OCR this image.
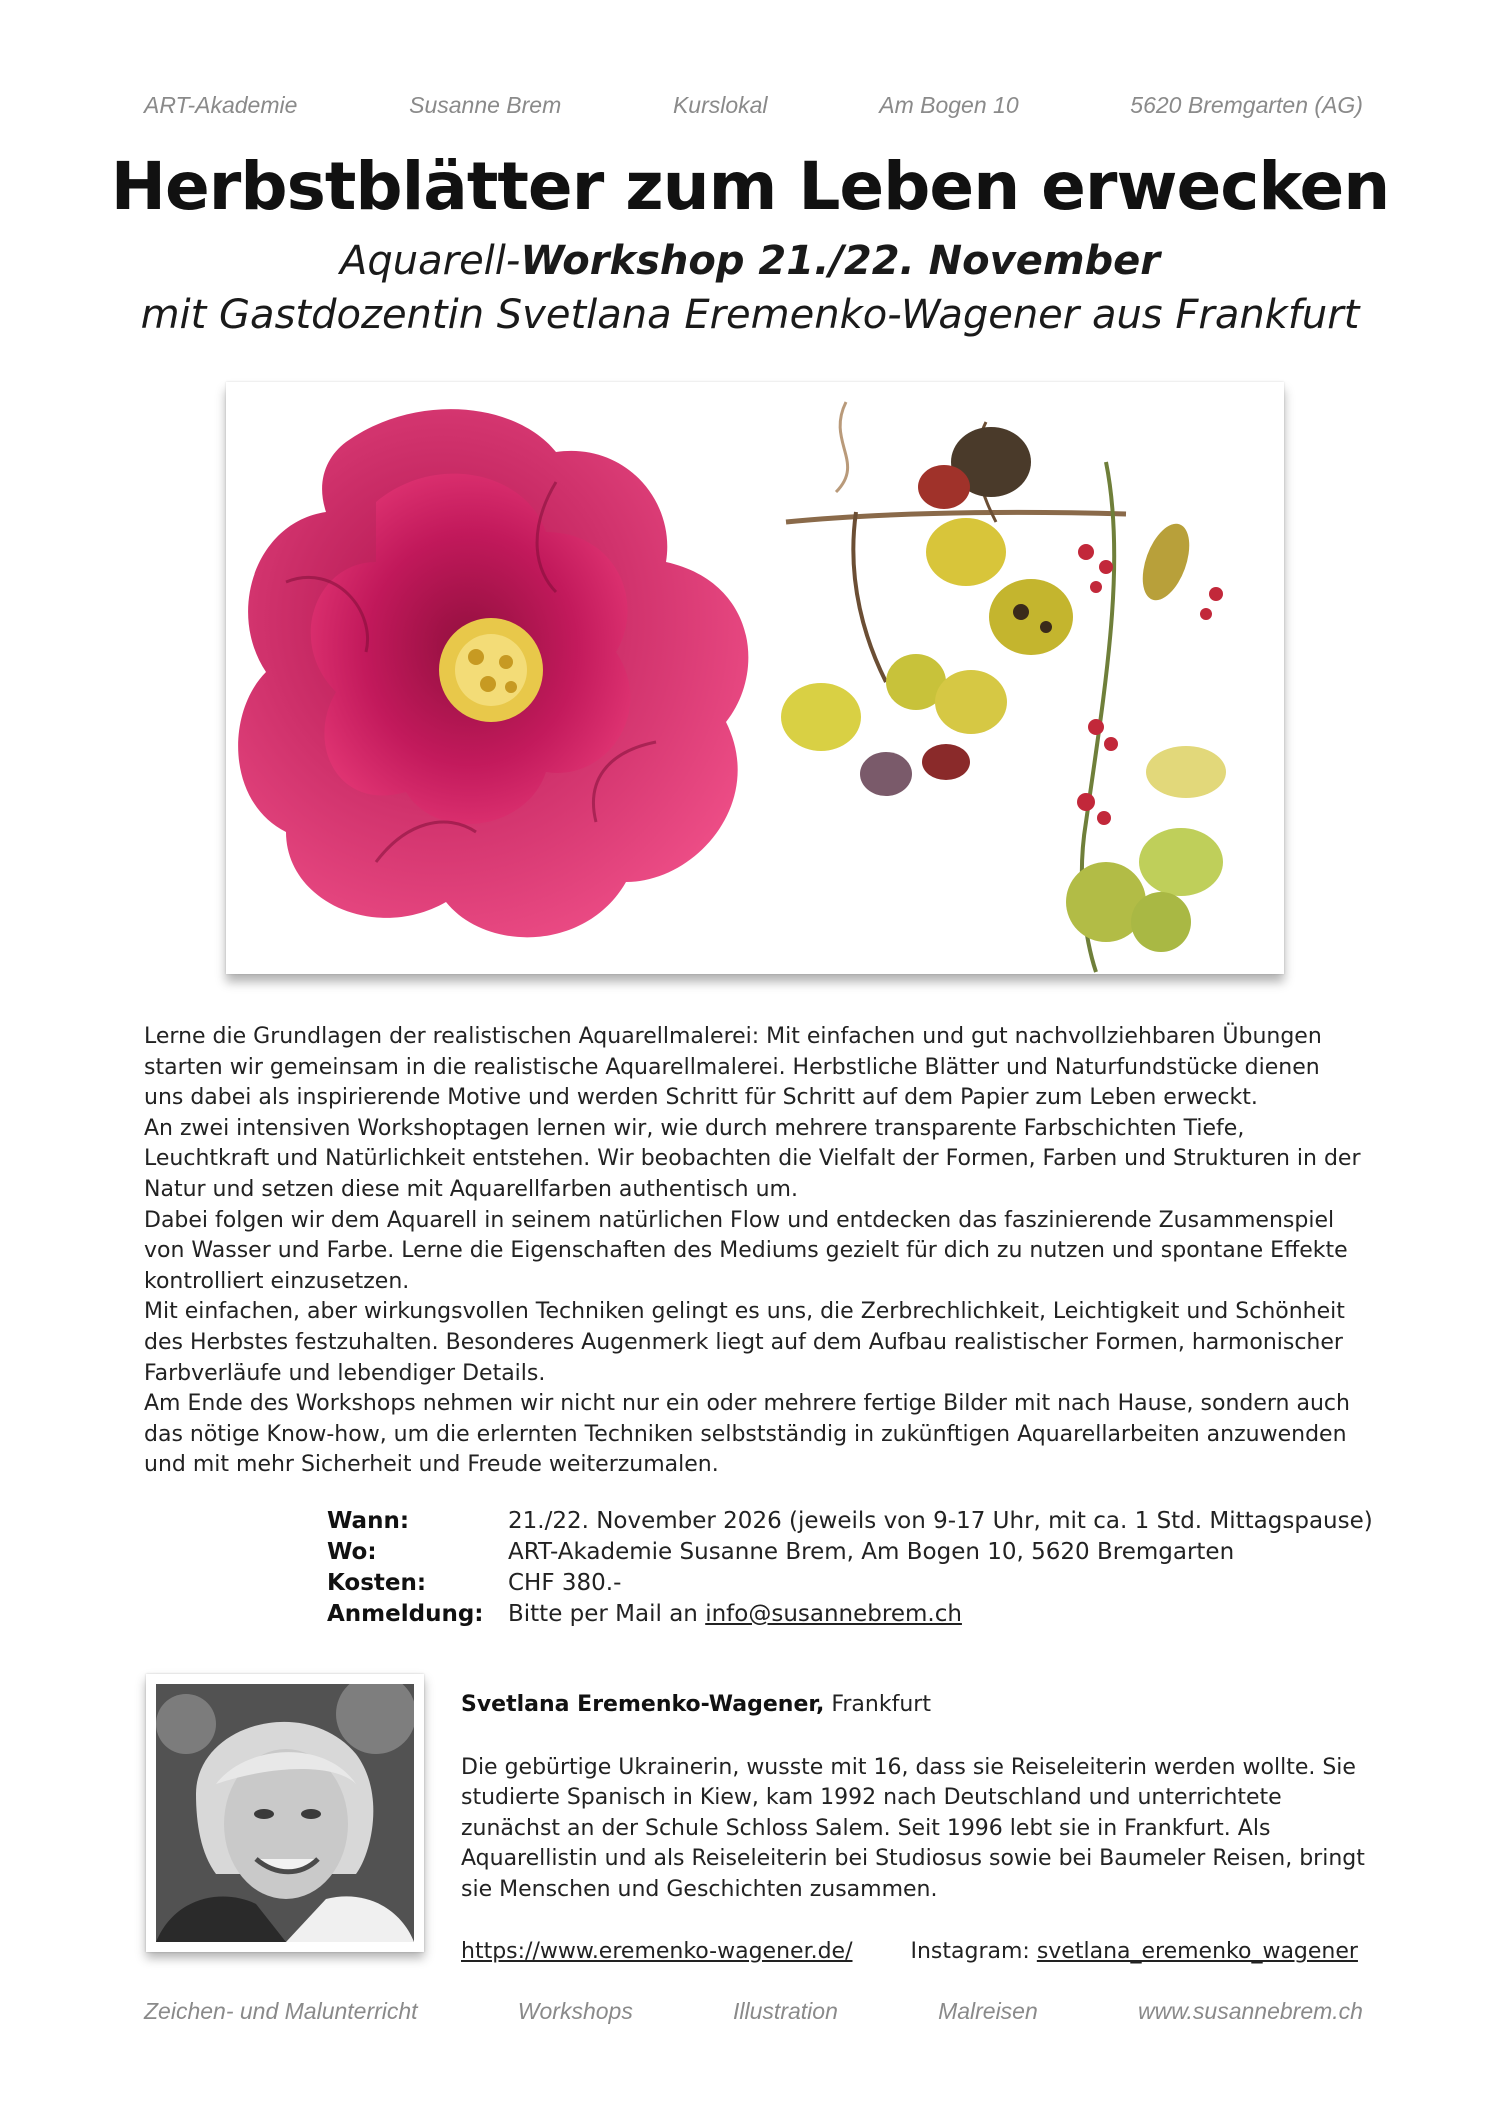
ART-Akademie	Susanne Brem	Kurslokal	Am Bogen 10	5620 Bremgarten (AG)
Herbstblätter zum Leben erwecken
Aquarell-Workshop 21./22. November
mit Gastdozentin Svetlana Eremenko-Wagener aus Frankfurt

Lerne die Grundlagen der realistischen Aquarellmalerei: Mit einfachen und gut nachvollziehbaren Übungen starten wir gemeinsam in die realistische Aquarellmalerei. Herbstliche Blätter und Naturfundstücke dienen uns dabei als inspirierende Motive und werden Schritt für Schritt auf dem Papier zum Leben erweckt.

An zwei intensiven Workshoptagen lernen wir, wie durch mehrere transparente Farbschichten Tiefe, Leuchtkraft und Natürlichkeit entstehen. Wir beobachten die Vielfalt der Formen, Farben und Strukturen in der Natur und setzen diese mit Aquarellfarben authentisch um.

Dabei folgen wir dem Aquarell in seinem natürlichen Flow und entdecken das faszinierende Zusammenspiel von Wasser und Farbe. Lerne die Eigenschaften des Mediums gezielt für dich zu nutzen und spontane Effekte kontrolliert einzusetzen.

Mit einfachen, aber wirkungsvollen Techniken gelingt es uns, die Zerbrechlichkeit, Leichtigkeit und Schönheit des Herbstes festzuhalten. Besonderes Augenmerk liegt auf dem Aufbau realistischer Formen, harmonischer Farbverläufe und lebendiger Details.

Am Ende des Workshops nehmen wir nicht nur ein oder mehrere fertige Bilder mit nach Hause, sondern auch das nötige Know-how, um die erlernten Techniken selbstständig in zukünftigen Aquarellarbeiten anzuwenden und mit mehr Sicherheit und Freude weiterzumalen.

Wann:	21./22. November 2026 (jeweils von 9-17 Uhr, mit ca. 1 Std. Mittagspause)
Wo:	ART-Akademie Susanne Brem, Am Bogen 10, 5620 Bremgarten
Kosten:	CHF 380.-
Anmeldung:	Bitte per Mail an info@susannebrem.ch

Svetlana Eremenko-Wagener, Frankfurt

Die gebürtige Ukrainerin, wusste mit 16, dass sie Reiseleiterin werden wollte. Sie studierte Spanisch in Kiew, kam 1992 nach Deutschland und unterrichtete zunächst an der Schule Schloss Salem. Seit 1996 lebt sie in Frankfurt. Als Aquarellistin und als Reiseleiterin bei Studiosus sowie bei Baumeler Reisen, bringt sie Menschen und Geschichten zusammen.

https://www.eremenko-wagener.de/	Instagram: svetlana_eremenko_wagener
Zeichen- und Malunterricht	Workshops	Illustration	Malreisen	www.susannebrem.ch
